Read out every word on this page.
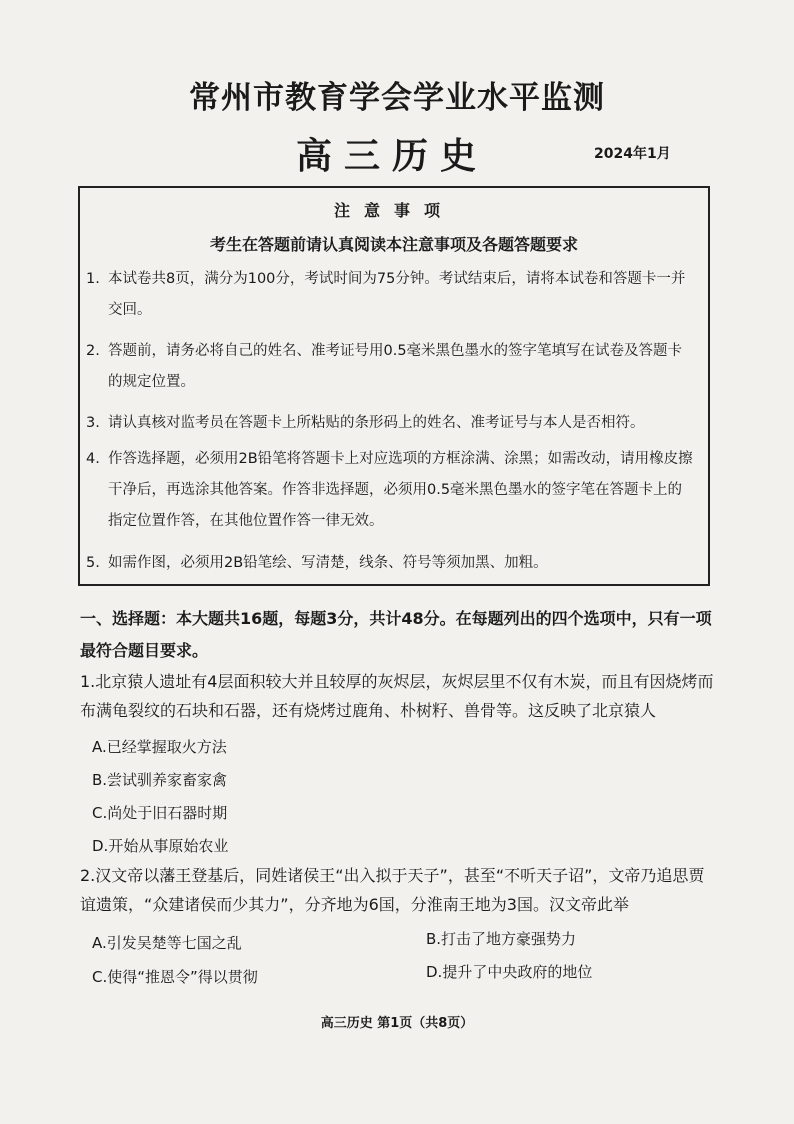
常州市教育学会学业水平监测
高三历史	2024年1月
注意事项
考生在答题前请认真阅读本注意事项及各题答题要求
1. 本试卷共8页，满分为100分，考试时间为75分钟。考试结束后，请将本试卷和答题卡一并交回。
2. 答题前，请务必将自己的姓名、准考证号用0.5毫米黑色墨水的签字笔填写在试卷及答题卡的规定位置。
3. 请认真核对监考员在答题卡上所粘贴的条形码上的姓名、准考证号与本人是否相符。
4. 作答选择题，必须用2B铅笔将答题卡上对应选项的方框涂满、涂黑；如需改动，请用橡皮擦干净后，再选涂其他答案。作答非选择题，必须用0.5毫米黑色墨水的签字笔在答题卡上的指定位置作答，在其他位置作答一律无效。
5. 如需作图，必须用2B铅笔绘、写清楚，线条、符号等须加黑、加粗。
一、选择题：本大题共16题，每题3分，共计48分。在每题列出的四个选项中，只有一项最符合题目要求。
1.北京猿人遗址有4层面积较大并且较厚的灰烬层，灰烬层里不仅有木炭，而且有因烧烤而布满龟裂纹的石块和石器，还有烧烤过鹿角、朴树籽、兽骨等。这反映了北京猿人
A.已经掌握取火方法
B.尝试驯养家畜家禽
C.尚处于旧石器时期
D.开始从事原始农业
2.汉文帝以藩王登基后，同姓诸侯王“出入拟于天子”，甚至“不听天子诏”，文帝乃追思贾谊遗策，“众建诸侯而少其力”，分齐地为6国，分淮南王地为3国。汉文帝此举
A.引发吴楚等七国之乱	B.打击了地方豪强势力
C.使得“推恩令”得以贯彻	D.提升了中央政府的地位
高三历史 第1页（共8页）
